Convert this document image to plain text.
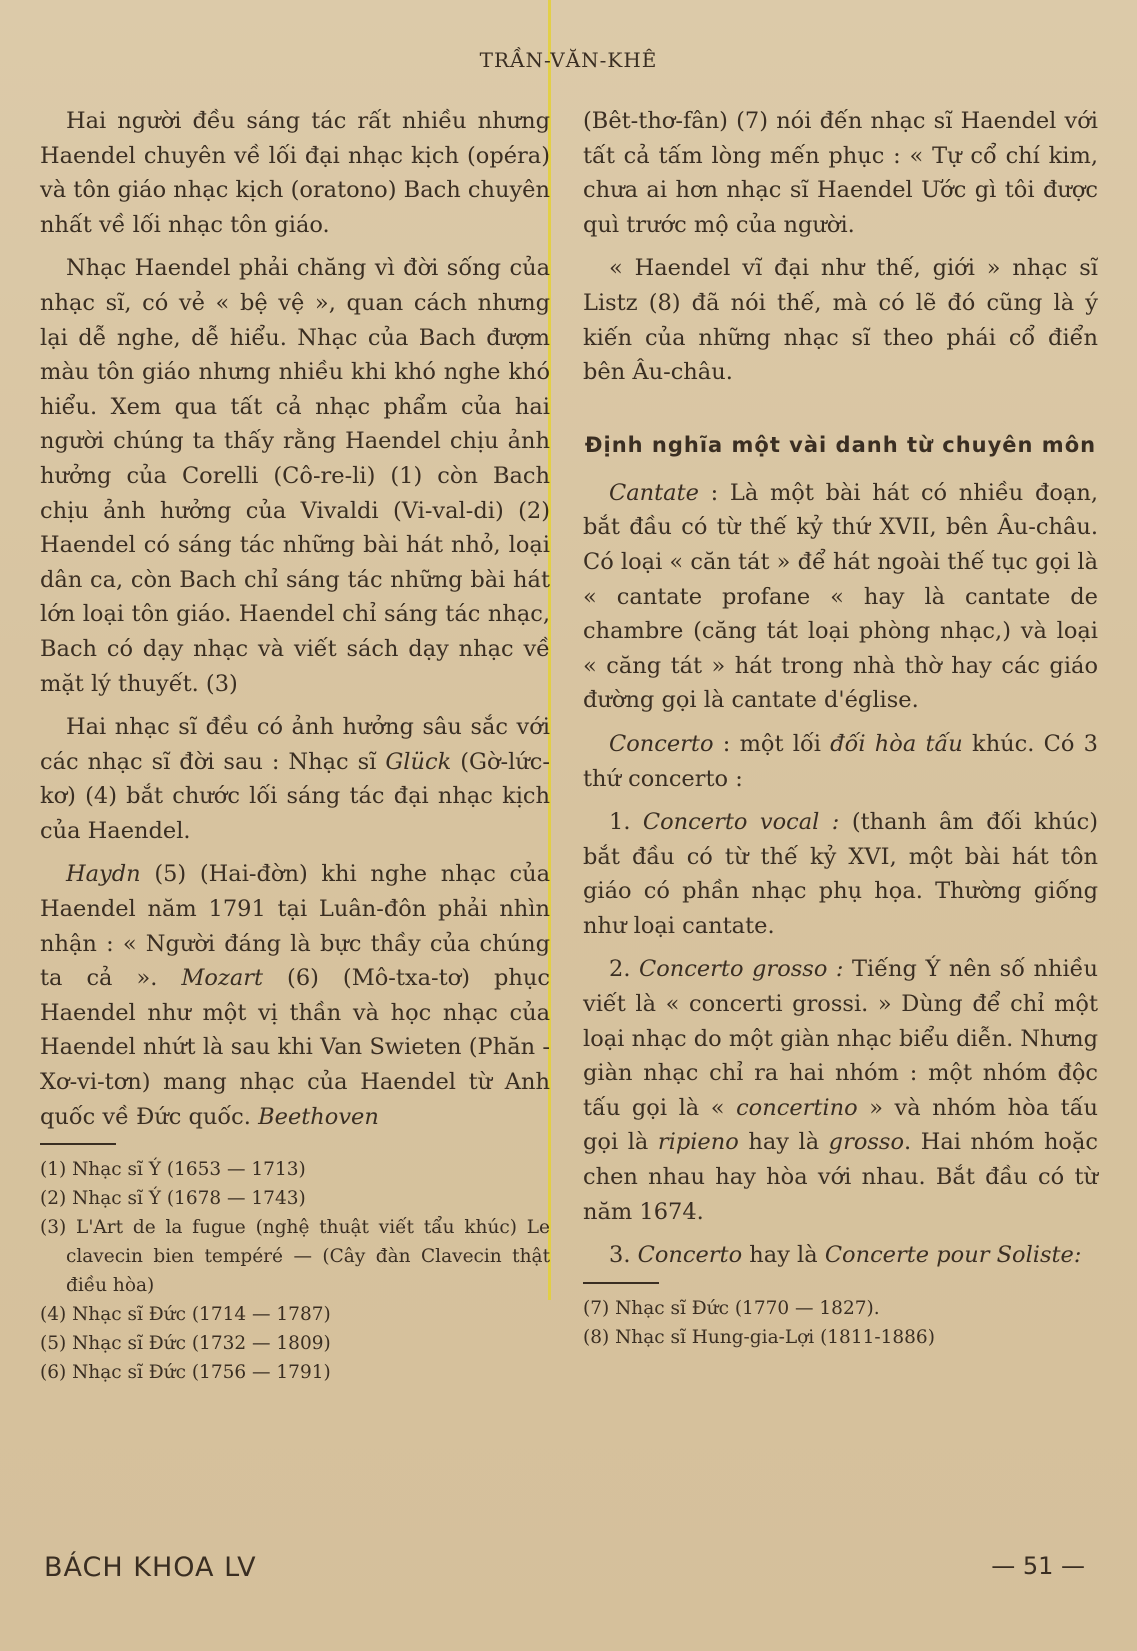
TRẦN-VĂN-KHÊ

Hai người đều sáng tác rất nhiều nhưng Haendel chuyên về lối đại nhạc kịch (opéra) và tôn giáo nhạc kịch (oratono) Bach chuyên nhất về lối nhạc tôn giáo.

Nhạc Haendel phải chăng vì đời sống của nhạc sĩ, có vẻ « bệ vệ », quan cách nhưng lại dễ nghe, dễ hiểu. Nhạc của Bach đượm màu tôn giáo nhưng nhiều khi khó nghe khó hiểu. Xem qua tất cả nhạc phẩm của hai người chúng ta thấy rằng Haendel chịu ảnh hưởng của Corelli (Cô-re-li) (1) còn Bach chịu ảnh hưởng của Vivaldi (Vi-val-di) (2) Haendel có sáng tác những bài hát nhỏ, loại dân ca, còn Bach chỉ sáng tác những bài hát lớn loại tôn giáo. Haendel chỉ sáng tác nhạc, Bach có dạy nhạc và viết sách dạy nhạc về mặt lý thuyết. (3)

Hai nhạc sĩ đều có ảnh hưởng sâu sắc với các nhạc sĩ đời sau : Nhạc sĩ Glück (Gờ-lức-kơ) (4) bắt chước lối sáng tác đại nhạc kịch của Haendel.

Haydn (5) (Hai-đờn) khi nghe nhạc của Haendel năm 1791 tại Luân-đôn phải nhìn nhận : « Người đáng là bực thầy của chúng ta cả ». Mozart (6) (Mô-txa-tơ) phục Haendel như một vị thần và học nhạc của Haendel nhứt là sau khi Van Swieten (Phăn - Xơ-vi-tơn) mang nhạc của Haendel từ Anh quốc về Đức quốc. Beethoven

(1) Nhạc sĩ Ý (1653 — 1713)
(2) Nhạc sĩ Ý (1678 — 1743)
(3) L'Art de la fugue (nghệ thuật viết tẩu khúc) Le clavecin bien tempéré — (Cây đàn Clavecin thật điều hòa)
(4) Nhạc sĩ Đức (1714 — 1787)
(5) Nhạc sĩ Đức (1732 — 1809)
(6) Nhạc sĩ Đức (1756 — 1791)

(Bêt-thơ-fân) (7) nói đến nhạc sĩ Haendel với tất cả tấm lòng mến phục : « Tự cổ chí kim, chưa ai hơn nhạc sĩ Haendel Ước gì tôi được quì trước mộ của người.

« Haendel vĩ đại như thế, giới » nhạc sĩ Listz (8) đã nói thế, mà có lẽ đó cũng là ý kiến của những nhạc sĩ theo phái cổ điển bên Âu-châu.

Định nghĩa một vài danh từ chuyên môn

Cantate : Là một bài hát có nhiều đoạn, bắt đầu có từ thế kỷ thứ XVII, bên Âu-châu. Có loại « căn tát » để hát ngoài thế tục gọi là « cantate profane « hay là cantate de chambre (căng tát loại phòng nhạc,) và loại « căng tát » hát trong nhà thờ hay các giáo đường gọi là cantate d'église.

Concerto : một lối đối hòa tấu khúc. Có 3 thứ concerto :

1. Concerto vocal : (thanh âm đối khúc) bắt đầu có từ thế kỷ XVI, một bài hát tôn giáo có phần nhạc phụ họa. Thường giống như loại cantate.

2. Concerto grosso : Tiếng Ý nên số nhiều viết là « concerti grossi. » Dùng để chỉ một loại nhạc do một giàn nhạc biểu diễn. Nhưng giàn nhạc chỉ ra hai nhóm : một nhóm độc tấu gọi là « concertino » và nhóm hòa tấu gọi là ripieno hay là grosso. Hai nhóm hoặc chen nhau hay hòa với nhau. Bắt đầu có từ năm 1674.

3. Concerto hay là Concerte pour Soliste:

(7) Nhạc sĩ Đức (1770 — 1827).
(8) Nhạc sĩ Hung-gia-Lợi (1811-1886)
BÁCH KHOA LV	— 51 —
